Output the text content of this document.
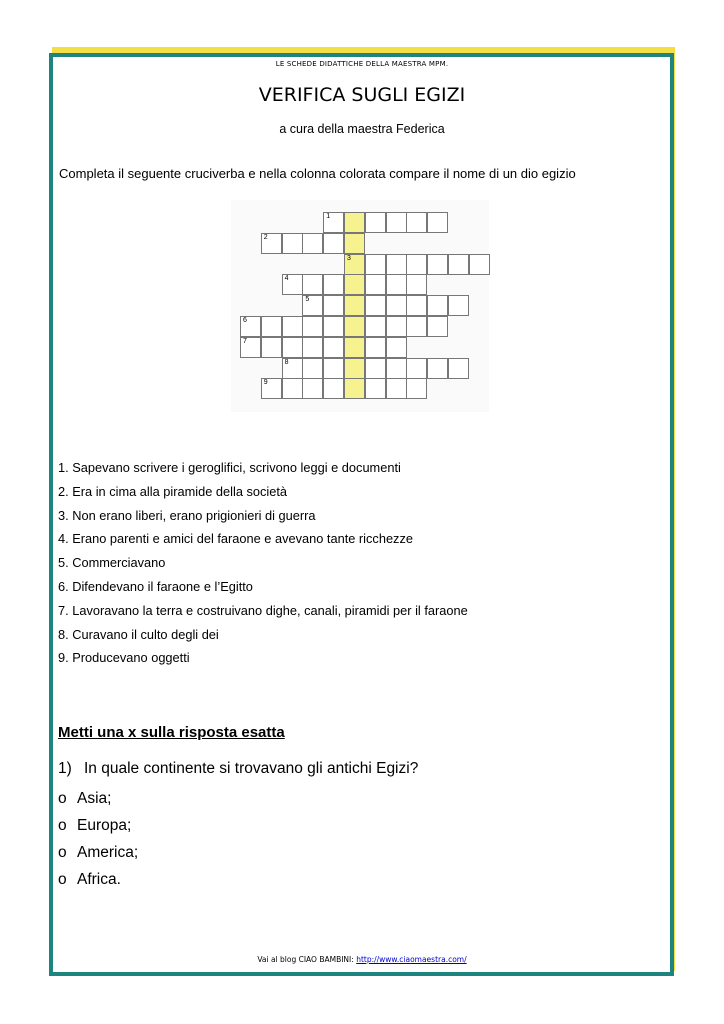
LE SCHEDE DIDATTICHE DELLA MAESTRA MPM.
VERIFICA SUGLI EGIZI
a cura della maestra Federica
Completa il seguente cruciverba e nella colonna colorata compare il nome di un dio egizio
1
2
3
4
5
6
7
8
9
1. Sapevano scrivere i geroglifici, scrivono leggi e documenti
2. Era in cima alla piramide della società
3. Non erano liberi, erano prigionieri di guerra
4. Erano parenti e amici del faraone e avevano tante ricchezze
5. Commerciavano
6. Difendevano il faraone e l’Egitto
7. Lavoravano la terra e costruivano dighe, canali, piramidi per il faraone
8. Curavano il culto degli dei
9. Producevano oggetti
Metti una x sulla risposta esatta
1) In quale continente si trovavano gli antichi Egizi?
o Asia;
o Europa;
o America;
o Africa.
Vai al blog CIAO BAMBINI: http://www.ciaomaestra.com/
